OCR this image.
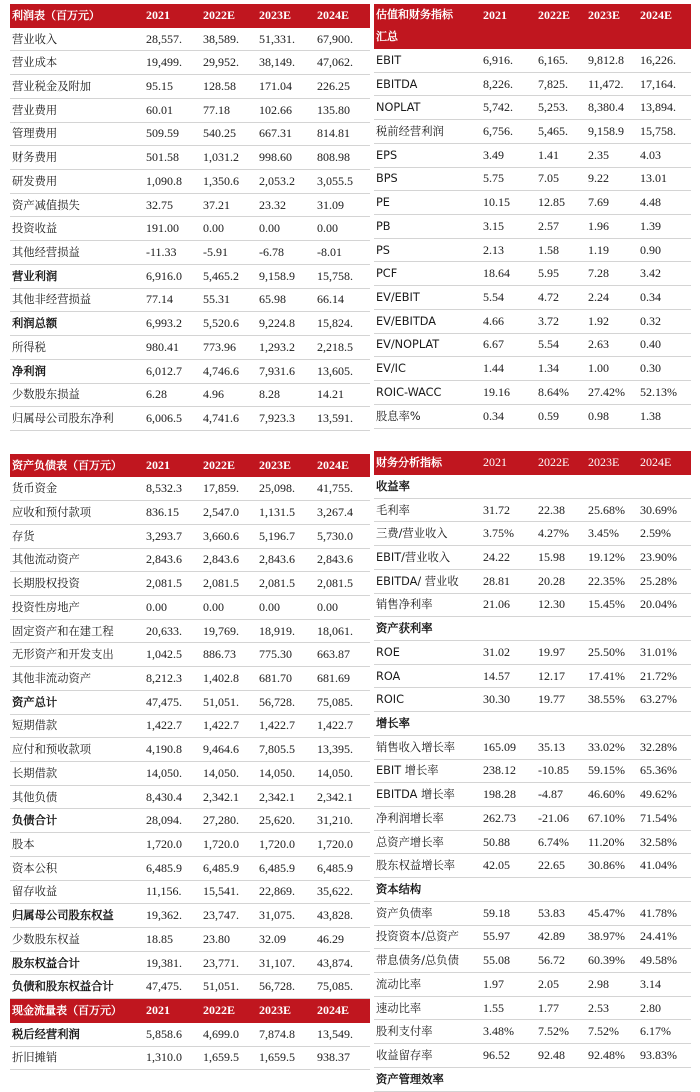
利润表（百万元）	2021	2022E	2023E	2024E
营业收入	28,557.	38,589.	51,331.	67,900.
营业成本	19,499.	29,952.	38,149.	47,062.
营业税金及附加	95.15	128.58	171.04	226.25
营业费用	60.01	77.18	102.66	135.80
管理费用	509.59	540.25	667.31	814.81
财务费用	501.58	1,031.2	998.60	808.98
研发费用	1,090.8	1,350.6	2,053.2	3,055.5
资产减值损失	32.75	37.21	23.32	31.09
投资收益	191.00	0.00	0.00	0.00
其他经营损益	-11.33	-5.91	-6.78	-8.01
营业利润	6,916.0	5,465.2	9,158.9	15,758.
其他非经营损益	77.14	55.31	65.98	66.14
利润总额	6,993.2	5,520.6	9,224.8	15,824.
所得税	980.41	773.96	1,293.2	2,218.5
净利润	6,012.7	4,746.6	7,931.6	13,605.
少数股东损益	6.28	4.96	8.28	14.21
归属母公司股东净利	6,006.5	4,741.6	7,923.3	13,591.

资产负债表（百万元）	2021	2022E	2023E	2024E
货币资金	8,532.3	17,859.	25,098.	41,755.
应收和预付款项	836.15	2,547.0	1,131.5	3,267.4
存货	3,293.7	3,660.6	5,196.7	5,730.0
其他流动资产	2,843.6	2,843.6	2,843.6	2,843.6
长期股权投资	2,081.5	2,081.5	2,081.5	2,081.5
投资性房地产	0.00	0.00	0.00	0.00
固定资产和在建工程	20,633.	19,769.	18,919.	18,061.
无形资产和开发支出	1,042.5	886.73	775.30	663.87
其他非流动资产	8,212.3	1,402.8	681.70	681.69
资产总计	47,475.	51,051.	56,728.	75,085.
短期借款	1,422.7	1,422.7	1,422.7	1,422.7
应付和预收款项	4,190.8	9,464.6	7,805.5	13,395.
长期借款	14,050.	14,050.	14,050.	14,050.
其他负债	8,430.4	2,342.1	2,342.1	2,342.1
负债合计	28,094.	27,280.	25,620.	31,210.
股本	1,720.0	1,720.0	1,720.0	1,720.0
资本公积	6,485.9	6,485.9	6,485.9	6,485.9
留存收益	11,156.	15,541.	22,869.	35,622.
归属母公司股东权益	19,362.	23,747.	31,075.	43,828.
少数股东权益	18.85	23.80	32.09	46.29
股东权益合计	19,381.	23,771.	31,107.	43,874.
负债和股东权益合计	47,475.	51,051.	56,728.	75,085.
现金流量表（百万元）	2021	2022E	2023E	2024E
税后经营利润	5,858.6	4,699.0	7,874.8	13,549.
折旧摊销	1,310.0	1,659.5	1,659.5	938.37
估值和财务指标
汇总	2021	2022E	2023E	2024E

EBIT	6,916.	6,165.	9,812.8	16,226.
EBITDA	8,226.	7,825.	11,472.	17,164.
NOPLAT	5,742.	5,253.	8,380.4	13,894.
税前经营利润	6,756.	5,465.	9,158.9	15,758.
EPS	3.49	1.41	2.35	4.03
BPS	5.75	7.05	9.22	13.01
PE	10.15	12.85	7.69	4.48
PB	3.15	2.57	1.96	1.39
PS	2.13	1.58	1.19	0.90
PCF	18.64	5.95	7.28	3.42
EV/EBIT	5.54	4.72	2.24	0.34
EV/EBITDA	4.66	3.72	1.92	0.32
EV/NOPLAT	6.67	5.54	2.63	0.40
EV/IC	1.44	1.34	1.00	0.30
ROIC-WACC	19.16	8.64%	27.42%	52.13%
股息率%	0.34	0.59	0.98	1.38

财务分析指标	2021	2022E	2023E	2024E
收益率				
毛利率	31.72	22.38	25.68%	30.69%
三费/营业收入	3.75%	4.27%	3.45%	2.59%
EBIT/营业收入	24.22	15.98	19.12%	23.90%
EBITDA/ 营业收	28.81	20.28	22.35%	25.28%
销售净利率	21.06	12.30	15.45%	20.04%
资产获利率				
ROE	31.02	19.97	25.50%	31.01%
ROA	14.57	12.17	17.41%	21.72%
ROIC	30.30	19.77	38.55%	63.27%
增长率				
销售收入增长率	165.09	35.13	33.02%	32.28%
EBIT 增长率	238.12	-10.85	59.15%	65.36%
EBITDA 增长率	198.28	-4.87	46.60%	49.62%
净利润增长率	262.73	-21.06	67.10%	71.54%
总资产增长率	50.88	6.74%	11.20%	32.58%
股东权益增长率	42.05	22.65	30.86%	41.04%
资本结构				
资产负债率	59.18	53.83	45.47%	41.78%
投资资本/总资产	55.97	42.89	38.97%	24.41%
带息债务/总负债	55.08	56.72	60.39%	49.58%
流动比率	1.97	2.05	2.98	3.14
速动比率	1.55	1.77	2.53	2.80
股利支付率	3.48%	7.52%	7.52%	6.17%
收益留存率	96.52	92.48	92.48%	93.83%
资产管理效率				
